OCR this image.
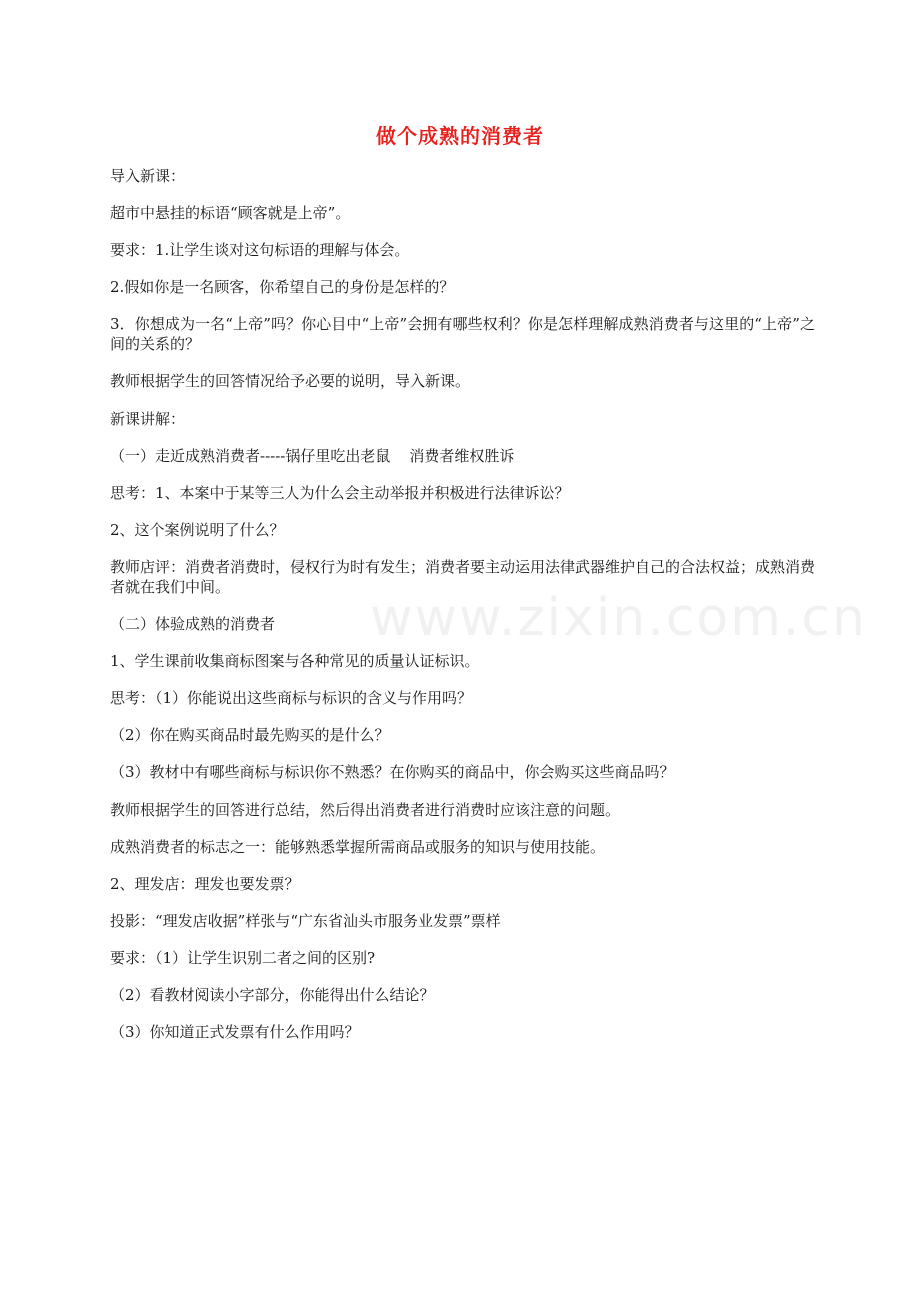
www.zixin.com.cn
做个成熟的消费者

导入新课：

超市中悬挂的标语“顾客就是上帝”。

要求：1.让学生谈对这句标语的理解与体会。

2.假如你是一名顾客，你希望自己的身份是怎样的？

3．你想成为一名“上帝”吗？你心目中“上帝”会拥有哪些权利？你是怎样理解成熟消费者与这里的“上帝”之间的关系的？

教师根据学生的回答情况给予必要的说明，导入新课。

新课讲解：

（一）走近成熟消费者-----锅仔里吃出老鼠    消费者维权胜诉

思考：1、本案中于某等三人为什么会主动举报并积极进行法律诉讼？

2、这个案例说明了什么？

教师店评：消费者消费时，侵权行为时有发生；消费者要主动运用法律武器维护自己的合法权益；成熟消费者就在我们中间。

（二）体验成熟的消费者

1、学生课前收集商标图案与各种常见的质量认证标识。

思考：（1）你能说出这些商标与标识的含义与作用吗？

（2）你在购买商品时最先购买的是什么？

（3）教材中有哪些商标与标识你不熟悉？在你购买的商品中，你会购买这些商品吗？

教师根据学生的回答进行总结，然后得出消费者进行消费时应该注意的问题。

成熟消费者的标志之一：能够熟悉掌握所需商品或服务的知识与使用技能。

2、理发店：理发也要发票？

投影：“理发店收据”样张与“广东省汕头市服务业发票”票样

要求：（1）让学生识别二者之间的区别?

（2）看教材阅读小字部分，你能得出什么结论？

（3）你知道正式发票有什么作用吗？
